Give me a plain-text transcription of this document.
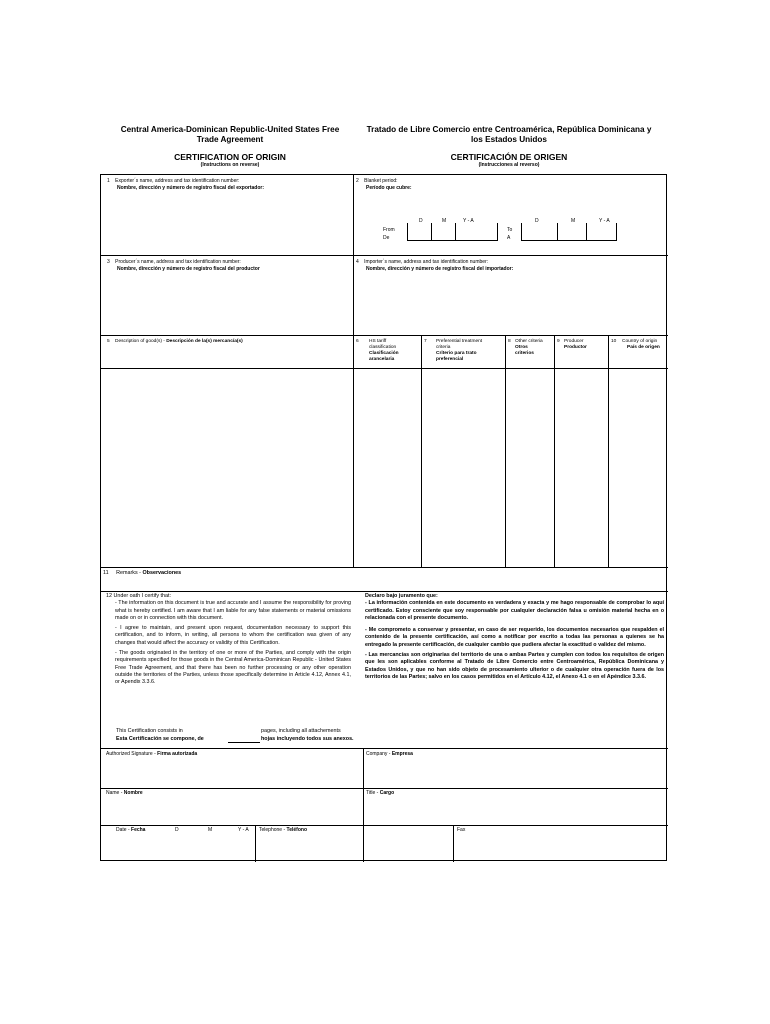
Central America-Dominican Republic-United States Free Trade Agreement
CERTIFICATION OF ORIGIN
(Instructions on reverse)
Tratado de Libre Comercio entre Centroamérica, República Dominicana y los Estados Unidos
CERTIFICACIÓN DE ORIGEN
(Instrucciones al reverso)
1 Exporter´s name, address and tax identification number:
Nombre, dirección y número de registro fiscal del exportador:
2 Blanket period:
Período que cubre:
D	M	Y - A
From
De
D	M	Y - A
To
A
3 Producer´s name, address and tax identification number:
Nombre, dirección y número de registro fiscal del productor
4 Importer´s name, address and tax identification number:
Nombre, dirección y número de registro fiscal del importador:
5 Description of good(s) - Descripción de la(s) mercancía(s)	6 HS tariff
classification
Clasificación
arancelaria
7 Preferential treatment
criteria
Criterio para trato
preferencial
8 Other criteria
Otros
criterios
9 Producer
Productor
10 Country of origin
País de origen
11 Remarks - Observaciones
12 Under oath I certify that:
- The information on this document is true and accurate and I assume the responsibility for proving what is hereby certified. I am aware that I am liable for any false statements or material omissions made on or in connection with this document.
- I agree to maintain, and present upon request, documentation necessary to support this certification, and to inform, in writing, all persons to whom the certification was given of any changes that would affect the accuracy or validity of this Certification.
- The goods originated in the territory of one or more of the Parties, and comply with the origin requirements specified for those goods in the Central America-Dominican Republic - United States Free Trade Agreement, and that there has been no further processing or any other operation outside the territories of the Parties, unless those specifically determine in Article 4.12, Annex 4.1, or Apendix 3.3.6.
Declaro bajo juramento que:
- La información contenida en este documento es verdadera y exacta y me hago responsable de comprobar lo aquí certificado. Estoy consciente que soy responsable por cualquier declaración falsa u omisión material hecha en o relacionada con el presente documento.
- Me comprometo a conservar y presentar, en caso de ser requerido, los documentos necesarios que respalden el contenido de la presente certificación, así como a notificar por escrito a todas las personas a quienes se ha entregado la presente certificación, de cualquier cambio que pudiera afectar la exactitud o validez del mismo.
- Las mercancías son originarias del territorio de una o ambas Partes y cumplen con todos los requisitos de origen que les son aplicables conforme al Tratado de Libre Comercio entre Centroamérica, República Dominicana y Estados Unidos, y que no han sido objeto de procesamiento ulterior o de cualquier otra operación fuera de los territorios de las Partes; salvo en los casos permitidos en el Artículo 4.12, el Anexo 4.1 o en el Apéndice 3.3.6.
This Certification consists in
Esta Certificación se compone, de
pages, including all attachements
hojas incluyendo todos sus anexos.
Authorized Signature - Firma autorizada	Company - Empresa
Name - Nombre	Title - Cargo
Date - Fecha	D	M	Y - A Telephone - Teléfono	Fax
